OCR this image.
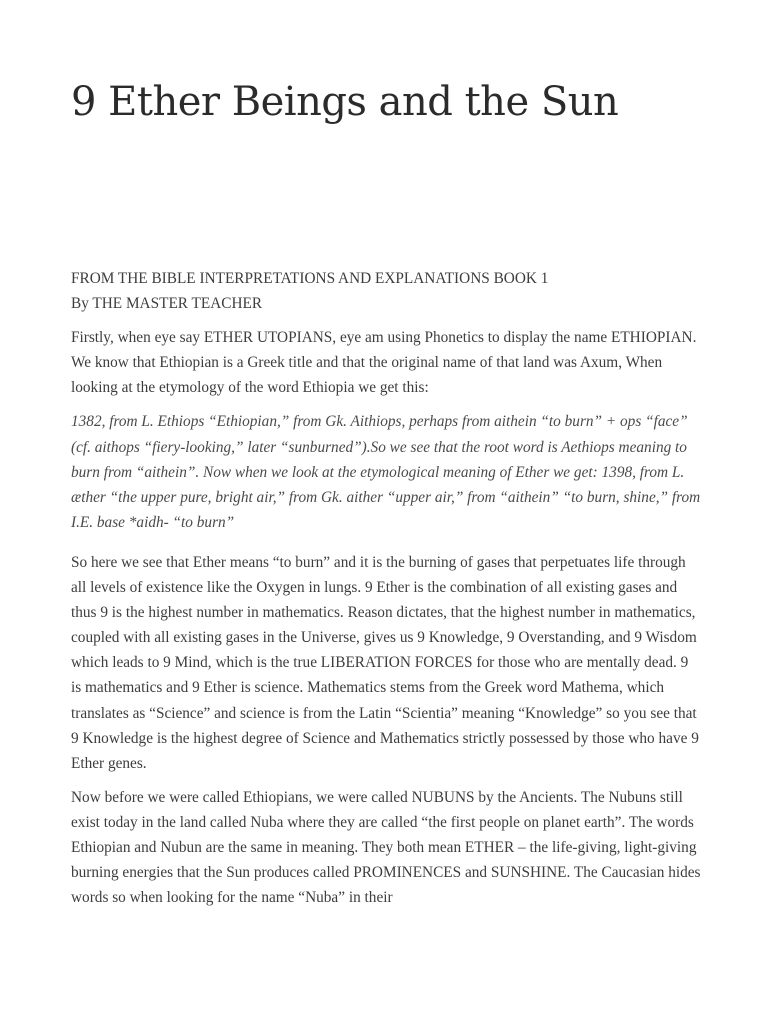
9 Ether Beings and the Sun

FROM THE BIBLE INTERPRETATIONS AND EXPLANATIONS BOOK 1
By THE MASTER TEACHER

Firstly, when eye say ETHER UTOPIANS, eye am using Phonetics to display the name ETHIOPIAN. We know that Ethiopian is a Greek title and that the original name of that land was Axum, When looking at the etymology of the word Ethiopia we get this:

1382, from L. Ethiops “Ethiopian,” from Gk. Aithiops, perhaps from aithein “to burn” + ops “face” (cf. aithops “fiery-looking,” later “sunburned”).So we see that the root word is Aethiops meaning to burn from “aithein”. Now when we look at the etymological meaning of Ether we get: 1398, from L. æther “the upper pure, bright air,” from Gk. aither “upper air,” from “aithein” “to burn, shine,” from I.E. base *aidh- “to burn”

So here we see that Ether means “to burn” and it is the burning of gases that perpetuates life through all levels of existence like the Oxygen in lungs. 9 Ether is the combination of all existing gases and thus 9 is the highest number in mathematics. Reason dictates, that the highest number in mathematics, coupled with all existing gases in the Universe, gives us 9 Knowledge, 9 Overstanding, and 9 Wisdom which leads to 9 Mind, which is the true LIBERATION FORCES for those who are mentally dead. 9 is mathematics and 9 Ether is science. Mathematics stems from the Greek word Mathema, which translates as “Science” and science is from the Latin “Scientia” meaning “Knowledge” so you see that 9 Knowledge is the highest degree of Science and Mathematics strictly possessed by those who have 9 Ether genes.

Now before we were called Ethiopians, we were called NUBUNS by the Ancients. The Nubuns still exist today in the land called Nuba where they are called “the first people on planet earth”. The words Ethiopian and Nubun are the same in meaning. They both mean ETHER – the life-giving, light-giving burning energies that the Sun produces called PROMINENCES and SUNSHINE. The Caucasian hides words so when looking for the name “Nuba” in their
